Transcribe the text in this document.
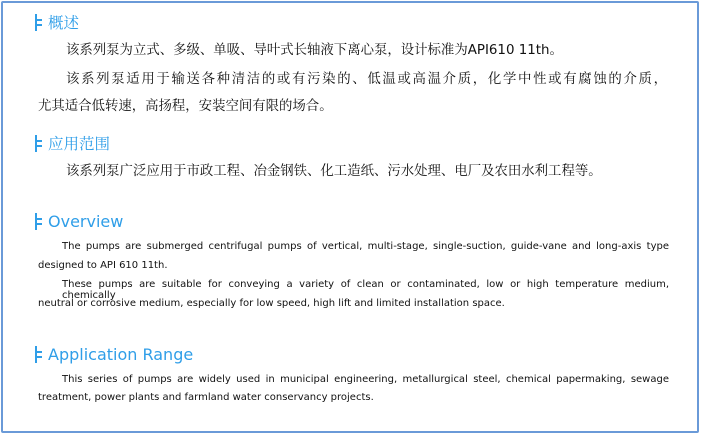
概述
该系列泵为立式、多级、单吸、导叶式长轴液下离心泵，设计标准为API610 11th。
该系列泵适用于输送各种清洁的或有污染的、低温或高温介质，化学中性或有腐蚀的介质，
尤其适合低转速，高扬程，安装空间有限的场合。
应用范围
该系列泵广泛应用于市政工程、冶金钢铁、化工造纸、污水处理、电厂及农田水利工程等。
Overview
The pumps are submerged centrifugal pumps of vertical, multi-stage, single-suction, guide-vane and long-axis type
designed to API 610 11th.
These pumps are suitable for conveying a variety of clean or contaminated, low or high temperature medium, chemically
neutral or corrosive medium, especially for low speed, high lift and limited installation space.
Application Range
This series of pumps are widely used in municipal engineering, metallurgical steel, chemical papermaking, sewage
treatment, power plants and farmland water conservancy projects.
